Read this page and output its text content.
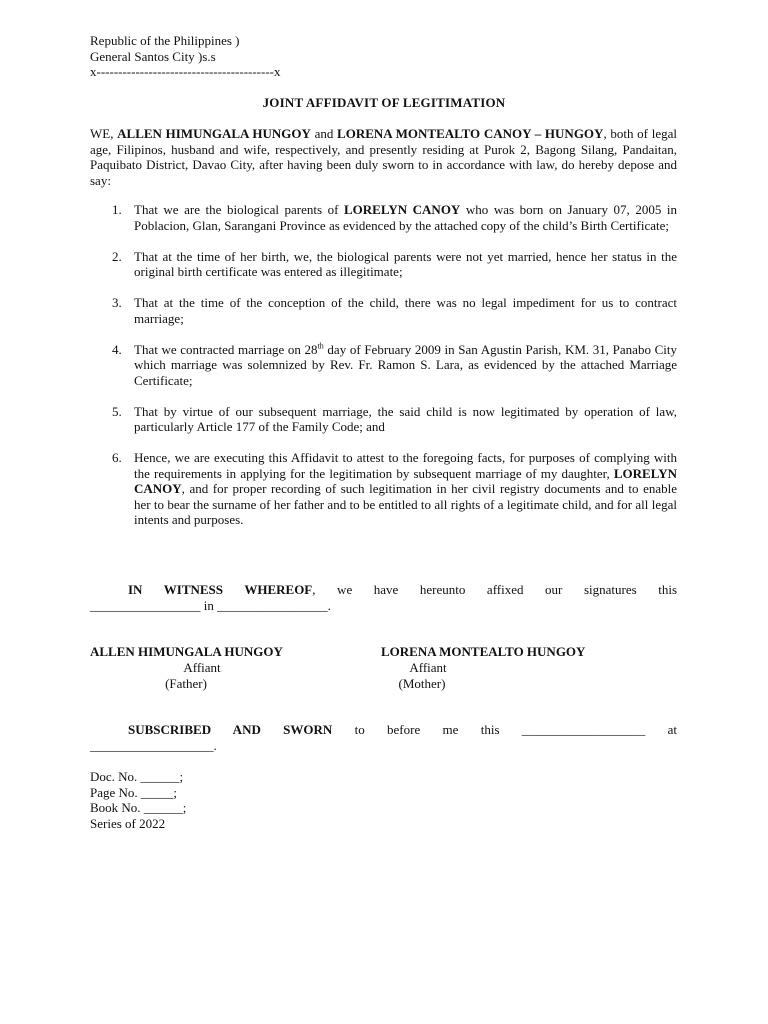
Republic of the Philippines )
General Santos City )s.s
x-----------------------------------------x
JOINT AFFIDAVIT OF LEGITIMATION
WE, ALLEN HIMUNGALA HUNGOY and LORENA MONTEALTO CANOY – HUNGOY, both of legal age, Filipinos, husband and wife, respectively, and presently residing at Purok 2, Bagong Silang, Pandaitan, Paquibato District, Davao City, after having been duly sworn to in accordance with law, do hereby depose and say:
1. That we are the biological parents of LORELYN CANOY who was born on January 07, 2005 in Poblacion, Glan, Sarangani Province as evidenced by the attached copy of the child’s Birth Certificate;
2. That at the time of her birth, we, the biological parents were not yet married, hence her status in the original birth certificate was entered as illegitimate;
3. That at the time of the conception of the child, there was no legal impediment for us to contract marriage;
4. That we contracted marriage on 28th day of February 2009 in San Agustin Parish, KM. 31, Panabo City which marriage was solemnized by Rev. Fr. Ramon S. Lara, as evidenced by the attached Marriage Certificate;
5. That by virtue of our subsequent marriage, the said child is now legitimated by operation of law, particularly Article 177 of the Family Code; and
6. Hence, we are executing this Affidavit to attest to the foregoing facts, for purposes of complying with the requirements in applying for the legitimation by subsequent marriage of my daughter, LORELYN CANOY, and for proper recording of such legitimation in her civil registry documents and to enable her to bear the surname of her father and to be entitled to all rights of a legitimate child, and for all legal intents and purposes.
IN WITNESS WHEREOF, we have hereunto affixed our signatures this
_________________ in _________________.
ALLEN HIMUNGALA HUNGOY
Affiant
(Father)
LORENA MONTEALTO HUNGOY
Affiant
(Mother)
SUBSCRIBED AND SWORN to before me this ___________________ at
___________________.
Doc. No. ______;
Page No. _____;
Book No. ______;
Series of 2022
